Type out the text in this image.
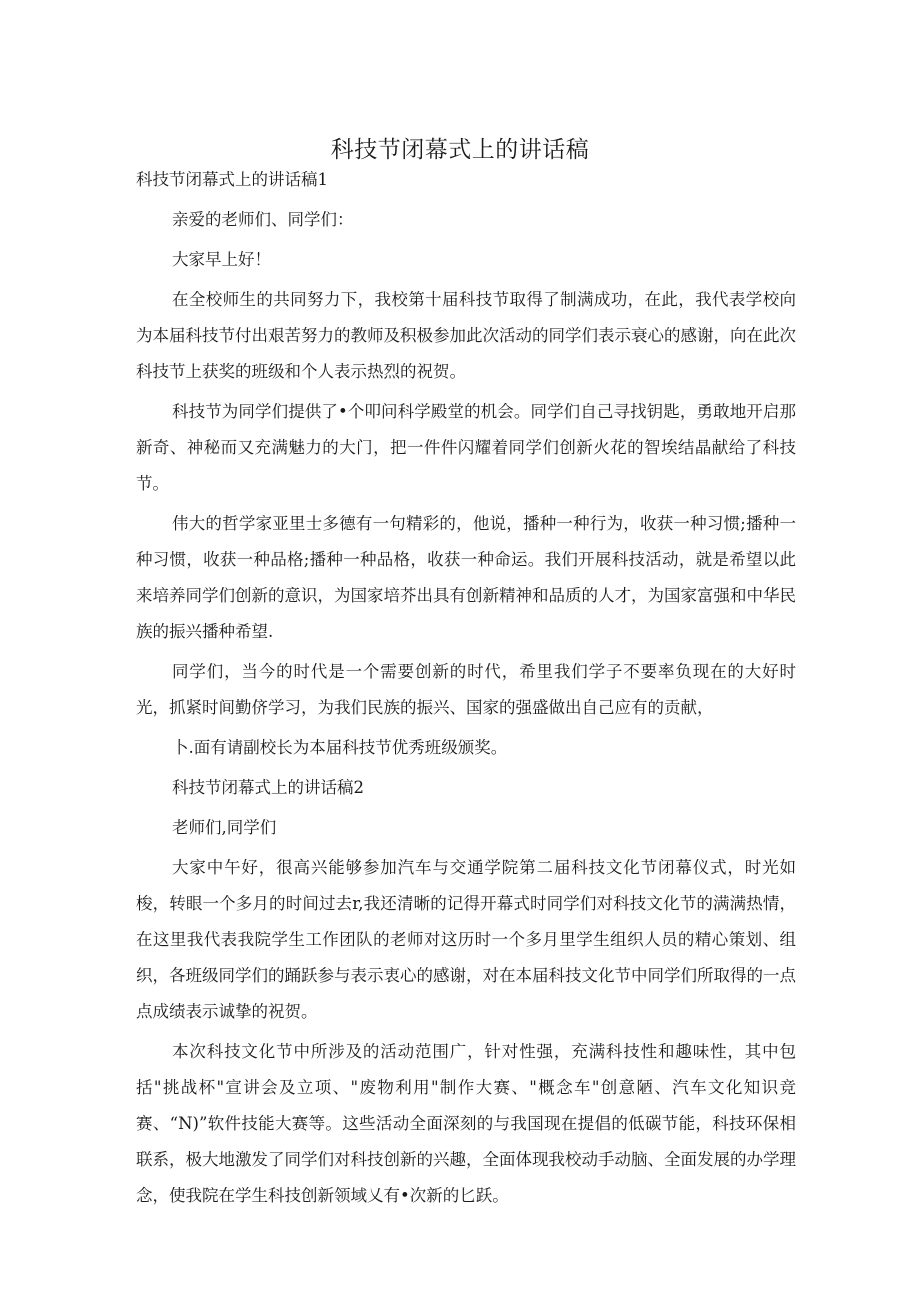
科技节闭幕式上的讲话稿

科技节闭幕式上的讲话稿1

亲爱的老师们、同学们：

大家早上好！

在全校师生的共同努力下，我校第十届科技节取得了制满成功，在此，我代表学校向为本届科技节付出艰苦努力的教师及积极参加此次活动的同学们表示衰心的感谢，向在此次科技节上获奖的班级和个人表示热烈的祝贺。

科技节为同学们提供了•个叩问科学殿堂的机会。同学们自己寻找钥匙，勇敢地开启那新奇、神秘而又充满魅力的大门，把一件件闪耀着同学们创新火花的智埃结晶献给了科技节。

伟大的哲学家亚里士多德有一句精彩的，他说，播种一种行为，收获一种习惯;播种一种习惯，收获一种品格;播种一种品格，收获一种命运。我们开展科技活动，就是希望以此来培养同学们创新的意识，为国家培芥出具有创新精神和品质的人才，为国家富强和中华民族的振兴播种希望.

同学们，当今的时代是一个需要创新的时代，希里我们学子不要率负现在的大好时光，抓紧时间勤侪学习，为我们民族的振兴、国家的强盛做出自己应有的贡献，

卜.面有请副校长为本届科技节优秀班级颁奖。

科技节闭幕式上的讲话稿2

老师们,同学们

大家中午好，很高兴能够参加汽车与交通学院第二届科技文化节闭幕仪式，时光如梭，转眼一个多月的时间过去r,我还清晰的记得开幕式时同学们对科技文化节的满满热情，在这里我代表我院学生工作团队的老师对这历时一个多月里学生组织人员的精心策划、组织，各班级同学们的踊跃参与表示衷心的感谢，对在本届科技文化节中同学们所取得的一点点成绩表示诚挚的祝贺。

本次科技文化节中所涉及的活动范围广，针对性强，充满科技性和趣味性，其中包括"挑战杯"宣讲会及立项、"废物利用"制作大赛、"概念车"创意陋、汽车文化知识竞赛、“N)”软件技能大赛等。这些活动全面深刻的与我国现在提倡的低碳节能，科技环保相联系，极大地激发了同学们对科技创新的兴趣，全面体现我校动手动脑、全面发展的办学理念，使我院在学生科技创新领域乂有•次新的匕跃。
